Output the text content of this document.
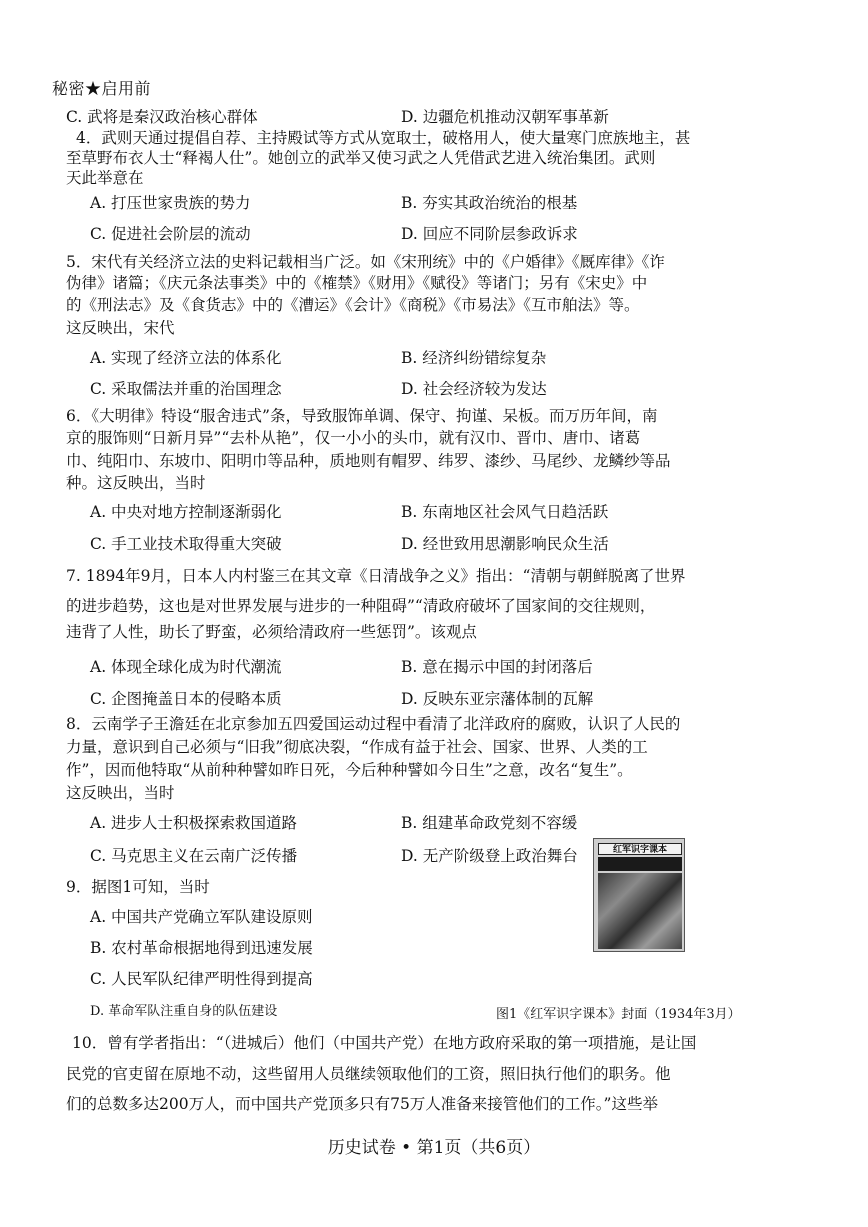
秘密★启用前
C. 武将是秦汉政治核心群体	D. 边疆危机推动汉朝军事革新
4．武则天通过提倡自荐、主持殿试等方式从宽取士，破格用人，使大量寒门庶族地主，甚
至草野布衣人士“释褐人仕”。她创立的武举又使习武之人凭借武艺进入统治集团。武则
天此举意在
A. 打压世家贵族的势力	B. 夯实其政治统治的根基
C. 促进社会阶层的流动	D. 回应不同阶层参政诉求
5．宋代有关经济立法的史料记载相当广泛。如《宋刑统》中的《户婚律》《厩库律》《诈
伪律》诸篇；《庆元条法事类》中的《榷禁》《财用》《赋役》等诸门；另有《宋史》中
的《刑法志》及《食货志》中的《漕运》《会计》《商税》《市易法》《互市舶法》等。
这反映出，宋代
A. 实现了经济立法的体系化	B. 经济纠纷错综复杂
C. 采取儒法并重的治国理念	D. 社会经济较为发达
6．《大明律》特设“服舍违式”条，导致服饰单调、保守、拘谨、呆板。而万历年间，南
京的服饰则“日新月异”“去朴从艳”，仅一小小的头巾，就有汉巾、晋巾、唐巾、诸葛
巾、纯阳巾、东坡巾、阳明巾等品种，质地则有帽罗、纬罗、漆纱、马尾纱、龙鳞纱等品
种。这反映出，当时
A. 中央对地方控制逐渐弱化	B. 东南地区社会风气日趋活跃
C. 手工业技术取得重大突破	D. 经世致用思潮影响民众生活
7. 1894年9月，日本人内村鉴三在其文章《日清战争之义》指出：“清朝与朝鲜脱离了世界
的进步趋势，这也是对世界发展与进步的一种阻碍”“清政府破坏了国家间的交往规则，
违背了人性，助长了野蛮，必须给清政府一些惩罚”。该观点
A. 体现全球化成为时代潮流	B. 意在揭示中国的封闭落后
C. 企图掩盖日本的侵略本质	D. 反映东亚宗藩体制的瓦解
8．云南学子王澹廷在北京参加五四爱国运动过程中看清了北洋政府的腐败，认识了人民的
力量，意识到自己必须与“旧我”彻底决裂，“作成有益于社会、国家、世界、人类的工
作”，因而他特取“从前种种譬如昨日死，今后种种譬如今日生”之意，改名“复生”。
这反映出，当时
A. 进步人士积极探索救国道路	B. 组建革命政党刻不容缓
C. 马克思主义在云南广泛传播	D. 无产阶级登上政治舞台
9．据图1可知，当时
A. 中国共产党确立军队建设原则
B. 农村革命根据地得到迅速发展
C. 人民军队纪律严明性得到提高
D. 革命军队注重自身的队伍建设
红军识字课本
图1《红军识字课本》封面（1934年3月）
10．曾有学者指出：“（进城后）他们（中国共产党）在地方政府采取的第一项措施，是让国
民党的官吏留在原地不动，这些留用人员继续领取他们的工资，照旧执行他们的职务。他
们的总数多达200万人，而中国共产党顶多只有75万人准备来接管他们的工作。”这些举
历史试卷 • 第1页（共6页）
